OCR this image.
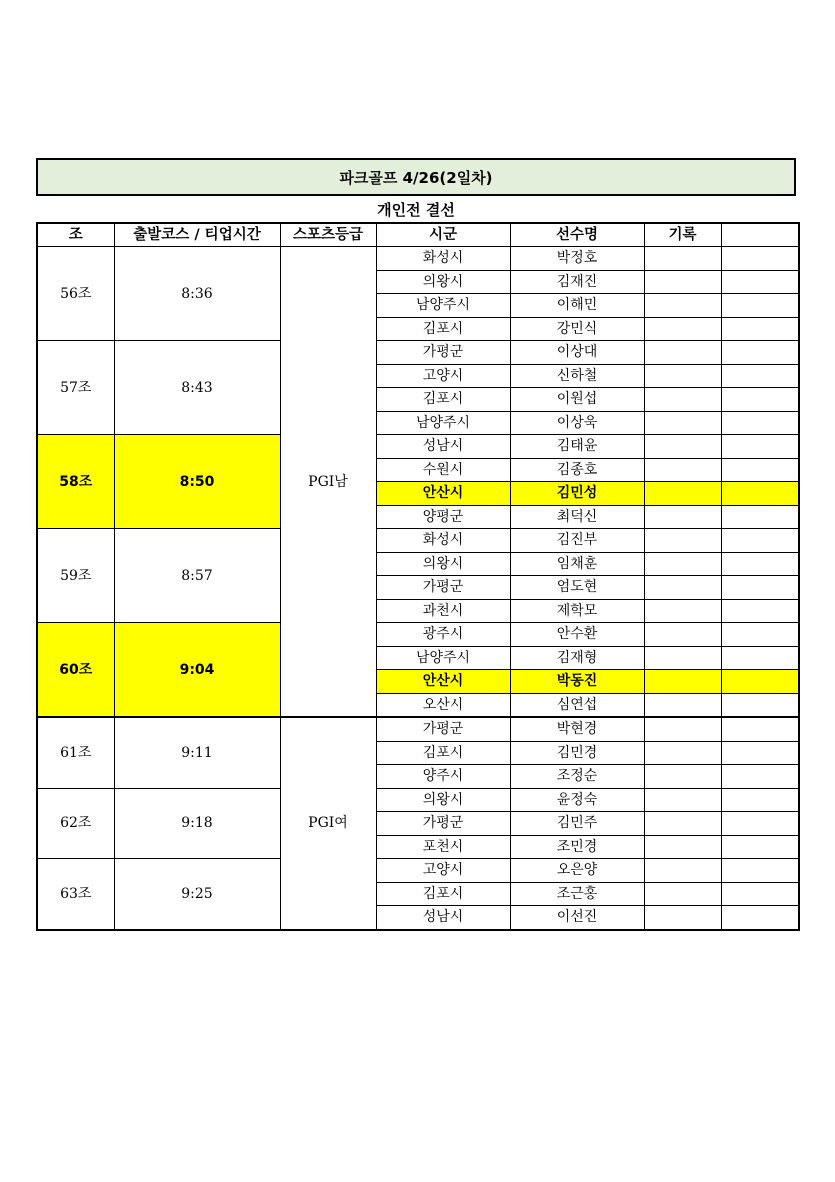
파크골프 4/26(2일차)
개인전 결선
조	출발코스 / 티업시간	스포츠등급	시군	선수명	기록	
56조	8:36	PGI남	화성시	박정호		
			의왕시	김재진		
			남양주시	이해민		
			김포시	강민식		
57조	8:43		가평군	이상대		
			고양시	신하철		
			김포시	이원섭		
			남양주시	이상욱		
58조	8:50		성남시	김태윤		
			수원시	김종호		
			안산시	김민성		
			양평군	최덕신		
59조	8:57		화성시	김진부		
			의왕시	임채훈		
			가평군	엄도현		
			과천시	제학모		
60조	9:04		광주시	안수환		
			남양주시	김재형		
			안산시	박동진		
			오산시	심연섭		
61조	9:11	PGI여	가평군	박현경		
			김포시	김민경		
			양주시	조정순		
62조	9:18		의왕시	윤정숙		
			가평군	김민주		
			포천시	조민경		
63조	9:25		고양시	오은양		
			김포시	조근홍		
			성남시	이선진		
